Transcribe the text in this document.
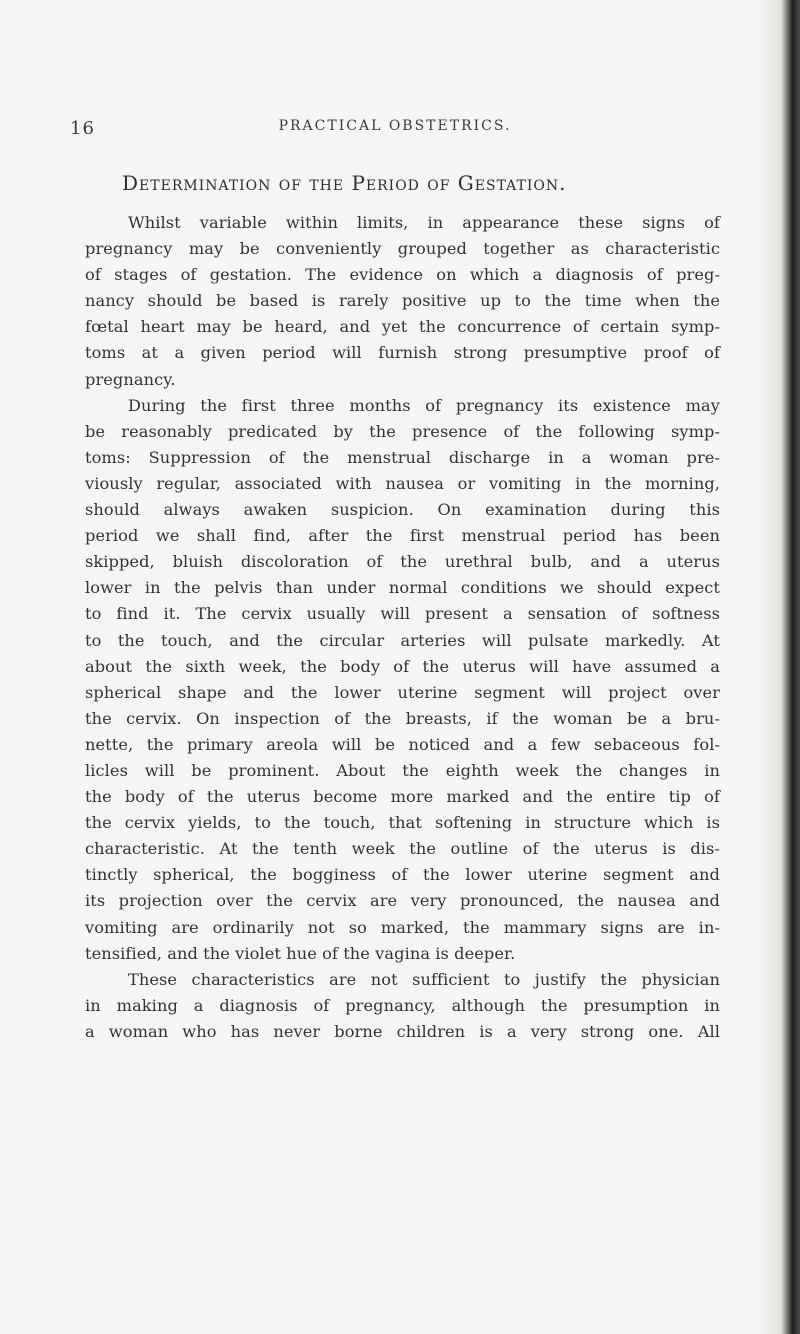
16	PRACTICAL OBSTETRICS.
Determination of the Period of Gestation.
Whilst variable within limits, in appearance these signs of
pregnancy may be conveniently grouped together as characteristic
of stages of gestation. The evidence on which a diagnosis of preg-
nancy should be based is rarely positive up to the time when the
fœtal heart may be heard, and yet the concurrence of certain symp-
toms at a given period will furnish strong presumptive proof of
pregnancy.
During the first three months of pregnancy its existence may
be reasonably predicated by the presence of the following symp-
toms: Suppression of the menstrual discharge in a woman pre-
viously regular, associated with nausea or vomiting in the morning,
should always awaken suspicion. On examination during this
period we shall find, after the first menstrual period has been
skipped, bluish discoloration of the urethral bulb, and a uterus
lower in the pelvis than under normal conditions we should expect
to find it. The cervix usually will present a sensation of softness
to the touch, and the circular arteries will pulsate markedly. At
about the sixth week, the body of the uterus will have assumed a
spherical shape and the lower uterine segment will project over
the cervix. On inspection of the breasts, if the woman be a bru-
nette, the primary areola will be noticed and a few sebaceous fol-
licles will be prominent. About the eighth week the changes in
the body of the uterus become more marked and the entire tip of
the cervix yields, to the touch, that softening in structure which is
characteristic. At the tenth week the outline of the uterus is dis-
tinctly spherical, the bogginess of the lower uterine segment and
its projection over the cervix are very pronounced, the nausea and
vomiting are ordinarily not so marked, the mammary signs are in-
tensified, and the violet hue of the vagina is deeper.
These characteristics are not sufficient to justify the physician
in making a diagnosis of pregnancy, although the presumption in
a woman who has never borne children is a very strong one. All
